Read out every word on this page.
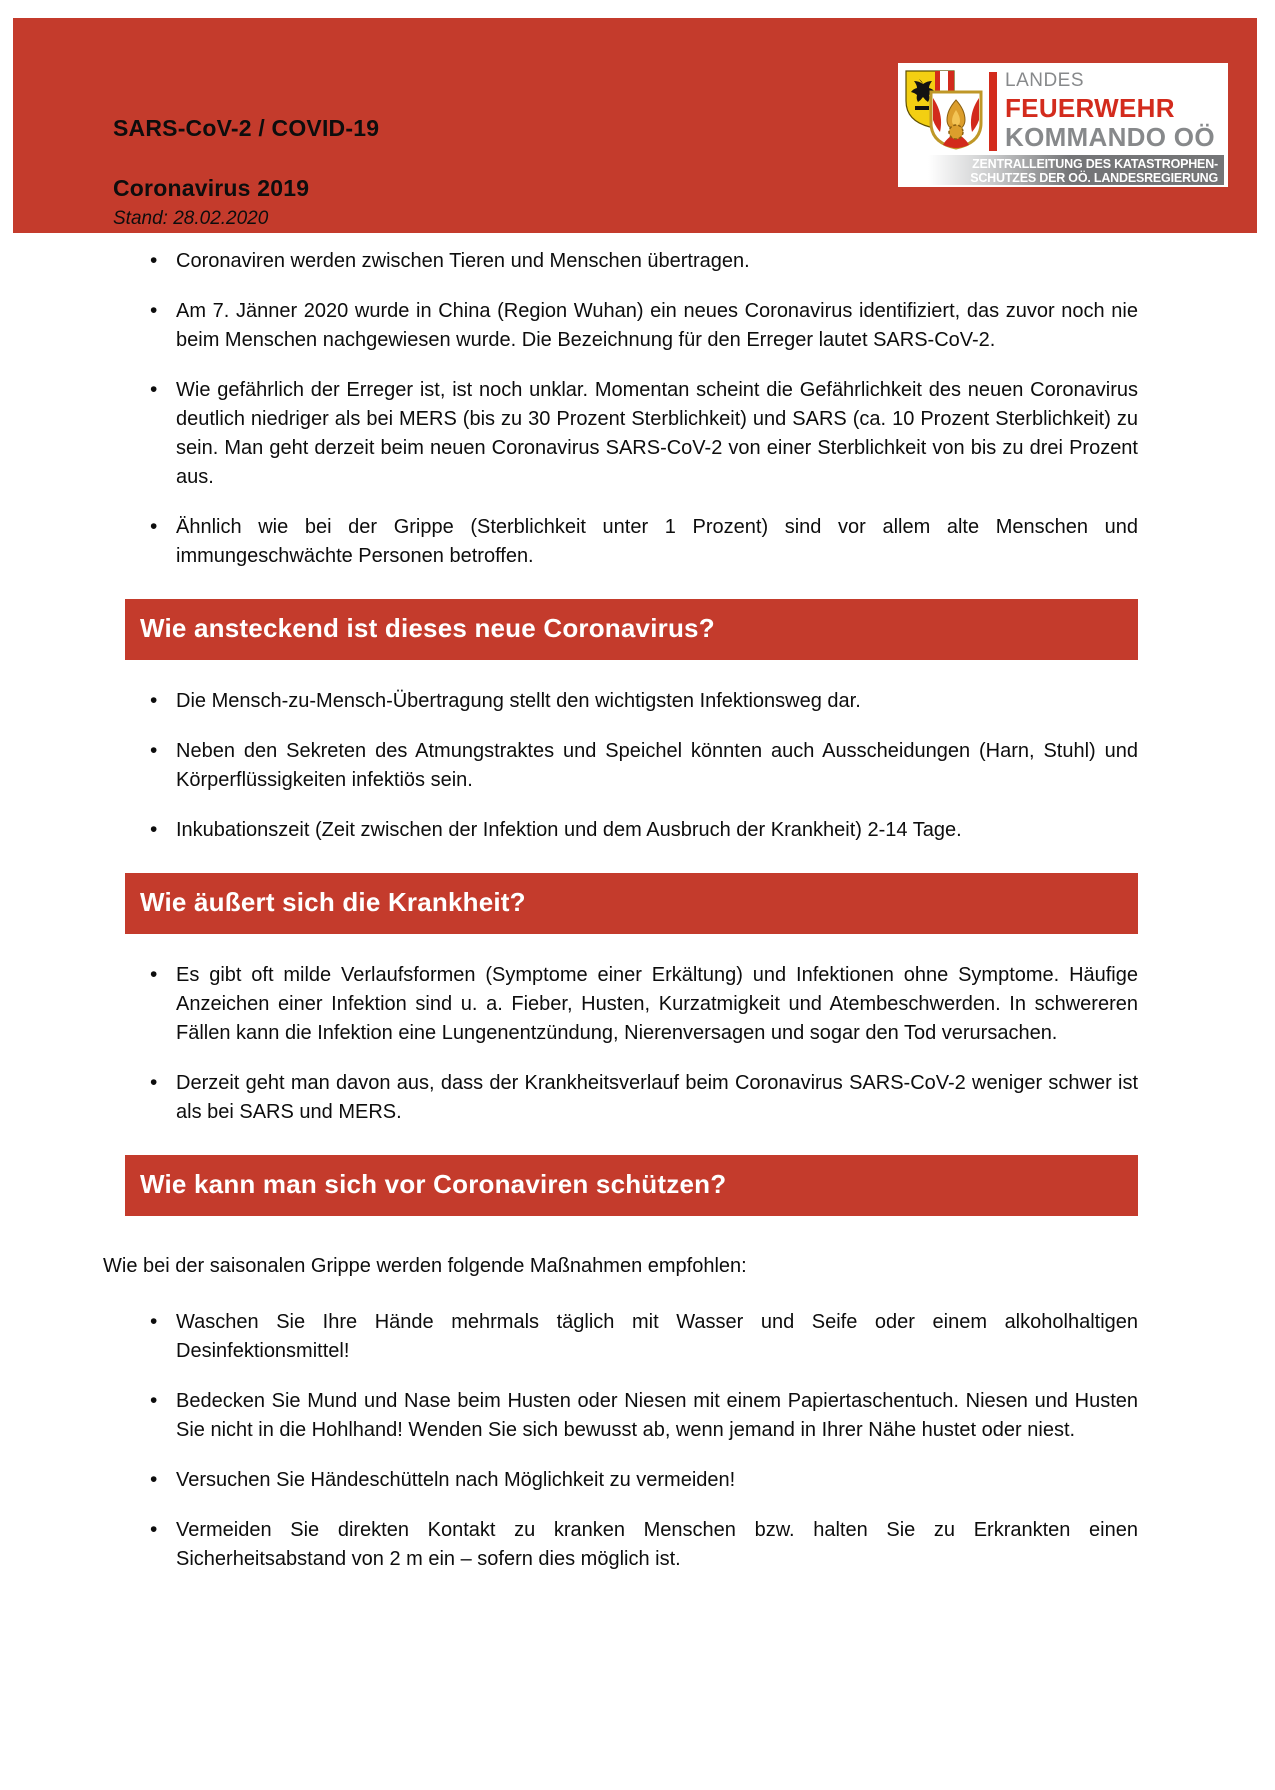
SARS-CoV-2 / COVID-19
Coronavirus 2019
Stand: 28.02.2020
LANDES
FEUERWEHR
KOMMANDO OÖ
ZENTRALLEITUNG DES KATASTROPHEN-
SCHUTZES DER OÖ. LANDESREGIERUNG
• Coronaviren werden zwischen Tieren und Menschen übertragen.
• Am 7. Jänner 2020 wurde in China (Region Wuhan) ein neues Coronavirus identifiziert, das zuvor noch nie beim Menschen nachgewiesen wurde. Die Bezeichnung für den Erreger lautet SARS-CoV-2.
• Wie gefährlich der Erreger ist, ist noch unklar. Momentan scheint die Gefährlichkeit des neuen Coronavirus deutlich niedriger als bei MERS (bis zu 30 Prozent Sterblichkeit) und SARS (ca. 10 Prozent Sterblichkeit) zu sein. Man geht derzeit beim neuen Coronavirus SARS-CoV-2 von einer Sterblichkeit von bis zu drei Prozent aus.
• Ähnlich wie bei der Grippe (Sterblichkeit unter 1 Prozent) sind vor allem alte Menschen und immungeschwächte Personen betroffen.
Wie ansteckend ist dieses neue Coronavirus?
• Die Mensch-zu-Mensch-Übertragung stellt den wichtigsten Infektionsweg dar.
• Neben den Sekreten des Atmungstraktes und Speichel könnten auch Ausscheidungen (Harn, Stuhl) und Körperflüssigkeiten infektiös sein.
• Inkubationszeit (Zeit zwischen der Infektion und dem Ausbruch der Krankheit) 2-14 Tage.
Wie äußert sich die Krankheit?
• Es gibt oft milde Verlaufsformen (Symptome einer Erkältung) und Infektionen ohne Symptome. Häufige Anzeichen einer Infektion sind u. a. Fieber, Husten, Kurzatmigkeit und Atembeschwerden. In schwereren Fällen kann die Infektion eine Lungenentzündung, Nierenversagen und sogar den Tod verursachen.
• Derzeit geht man davon aus, dass der Krankheitsverlauf beim Coronavirus SARS-CoV-2 weniger schwer ist als bei SARS und MERS.
Wie kann man sich vor Coronaviren schützen?

Wie bei der saisonalen Grippe werden folgende Maßnahmen empfohlen:

• Waschen Sie Ihre Hände mehrmals täglich mit Wasser und Seife oder einem alkoholhaltigen Desinfektionsmittel!
• Bedecken Sie Mund und Nase beim Husten oder Niesen mit einem Papiertaschentuch. Niesen und Husten Sie nicht in die Hohlhand! Wenden Sie sich bewusst ab, wenn jemand in Ihrer Nähe hustet oder niest.
• Versuchen Sie Händeschütteln nach Möglichkeit zu vermeiden!
• Vermeiden Sie direkten Kontakt zu kranken Menschen bzw. halten Sie zu Erkrankten einen Sicherheitsabstand von 2 m ein – sofern dies möglich ist.
